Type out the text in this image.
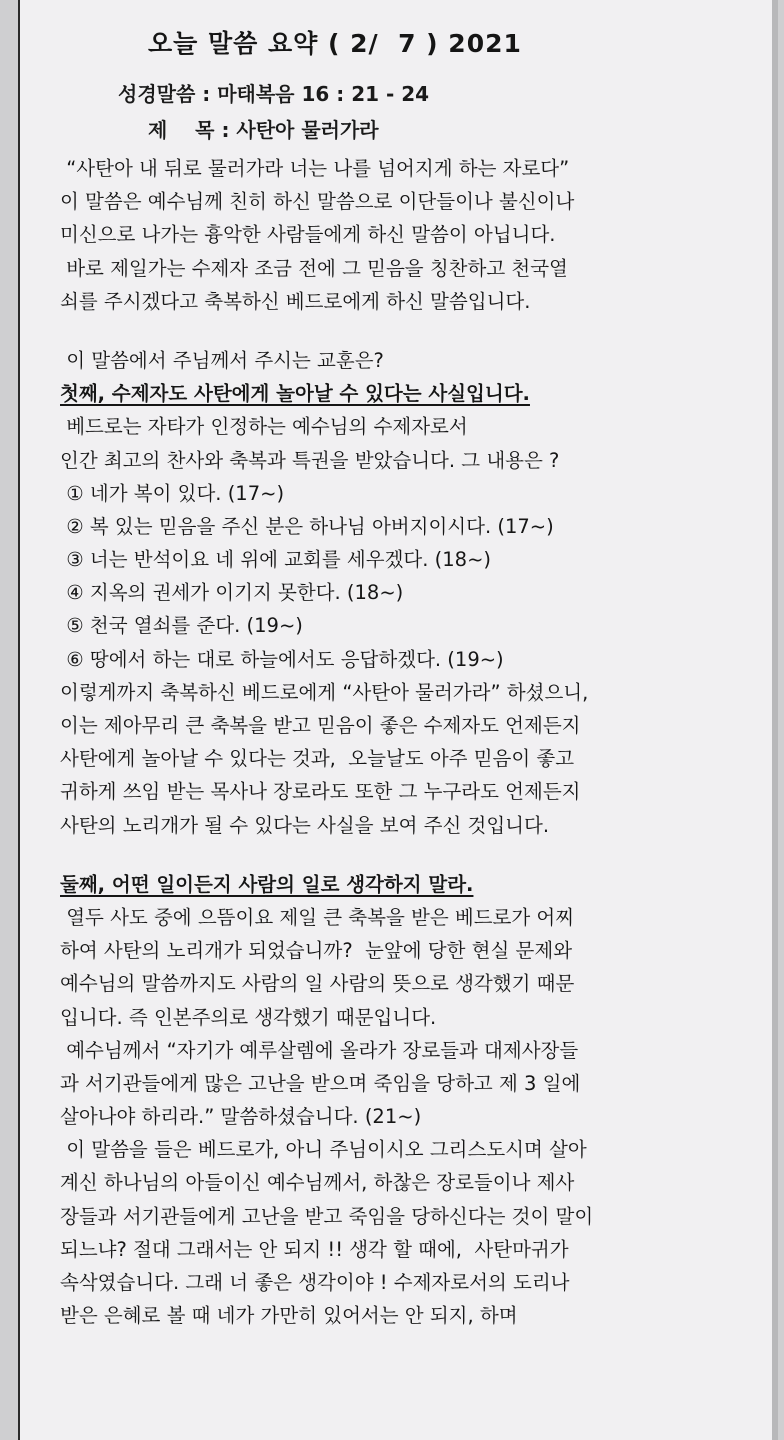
오늘 말씀 요약 ( 2/  7 ) 2021
성경말씀 : 마태복음 16 : 21 - 24
제    목 : 사탄아 물러가라
“사탄아 내 뒤로 물러가라 너는 나를 넘어지게 하는 자로다”
이 말씀은 예수님께 친히 하신 말씀으로 이단들이나 불신이나
미신으로 나가는 흉악한 사람들에게 하신 말씀이 아닙니다.
바로 제일가는 수제자 조금 전에 그 믿음을 칭찬하고 천국열
쇠를 주시겠다고 축복하신 베드로에게 하신 말씀입니다.
이 말씀에서 주님께서 주시는 교훈은?
첫째, 수제자도 사탄에게 놀아날 수 있다는 사실입니다.
베드로는 자타가 인정하는 예수님의 수제자로서
인간 최고의 찬사와 축복과 특권을 받았습니다. 그 내용은 ?
① 네가 복이 있다. (17~)
② 복 있는 믿음을 주신 분은 하나님 아버지이시다. (17~)
③ 너는 반석이요 네 위에 교회를 세우겠다. (18~)
④ 지옥의 권세가 이기지 못한다. (18~)
⑤ 천국 열쇠를 준다. (19~)
⑥ 땅에서 하는 대로 하늘에서도 응답하겠다. (19~)
이렇게까지 축복하신 베드로에게 “사탄아 물러가라” 하셨으니,
이는 제아무리 큰 축복을 받고 믿음이 좋은 수제자도 언제든지
사탄에게 놀아날 수 있다는 것과,  오늘날도 아주 믿음이 좋고
귀하게 쓰임 받는 목사나 장로라도 또한 그 누구라도 언제든지
사탄의 노리개가 될 수 있다는 사실을 보여 주신 것입니다.
둘째, 어떤 일이든지 사람의 일로 생각하지 말라.
열두 사도 중에 으뜸이요 제일 큰 축복을 받은 베드로가 어찌
하여 사탄의 노리개가 되었습니까?  눈앞에 당한 현실 문제와
예수님의 말씀까지도 사람의 일 사람의 뜻으로 생각했기 때문
입니다. 즉 인본주의로 생각했기 때문입니다.
예수님께서 “자기가 예루살렘에 올라가 장로들과 대제사장들
과 서기관들에게 많은 고난을 받으며 죽임을 당하고 제 3 일에
살아나야 하리라.” 말씀하셨습니다. (21~)
이 말씀을 들은 베드로가, 아니 주님이시오 그리스도시며 살아
계신 하나님의 아들이신 예수님께서, 하찮은 장로들이나 제사
장들과 서기관들에게 고난을 받고 죽임을 당하신다는 것이 말이
되느냐? 절대 그래서는 안 되지 !! 생각 할 때에,  사탄마귀가
속삭였습니다. 그래 너 좋은 생각이야 ! 수제자로서의 도리나
받은 은혜로 볼 때 네가 가만히 있어서는 안 되지, 하며
